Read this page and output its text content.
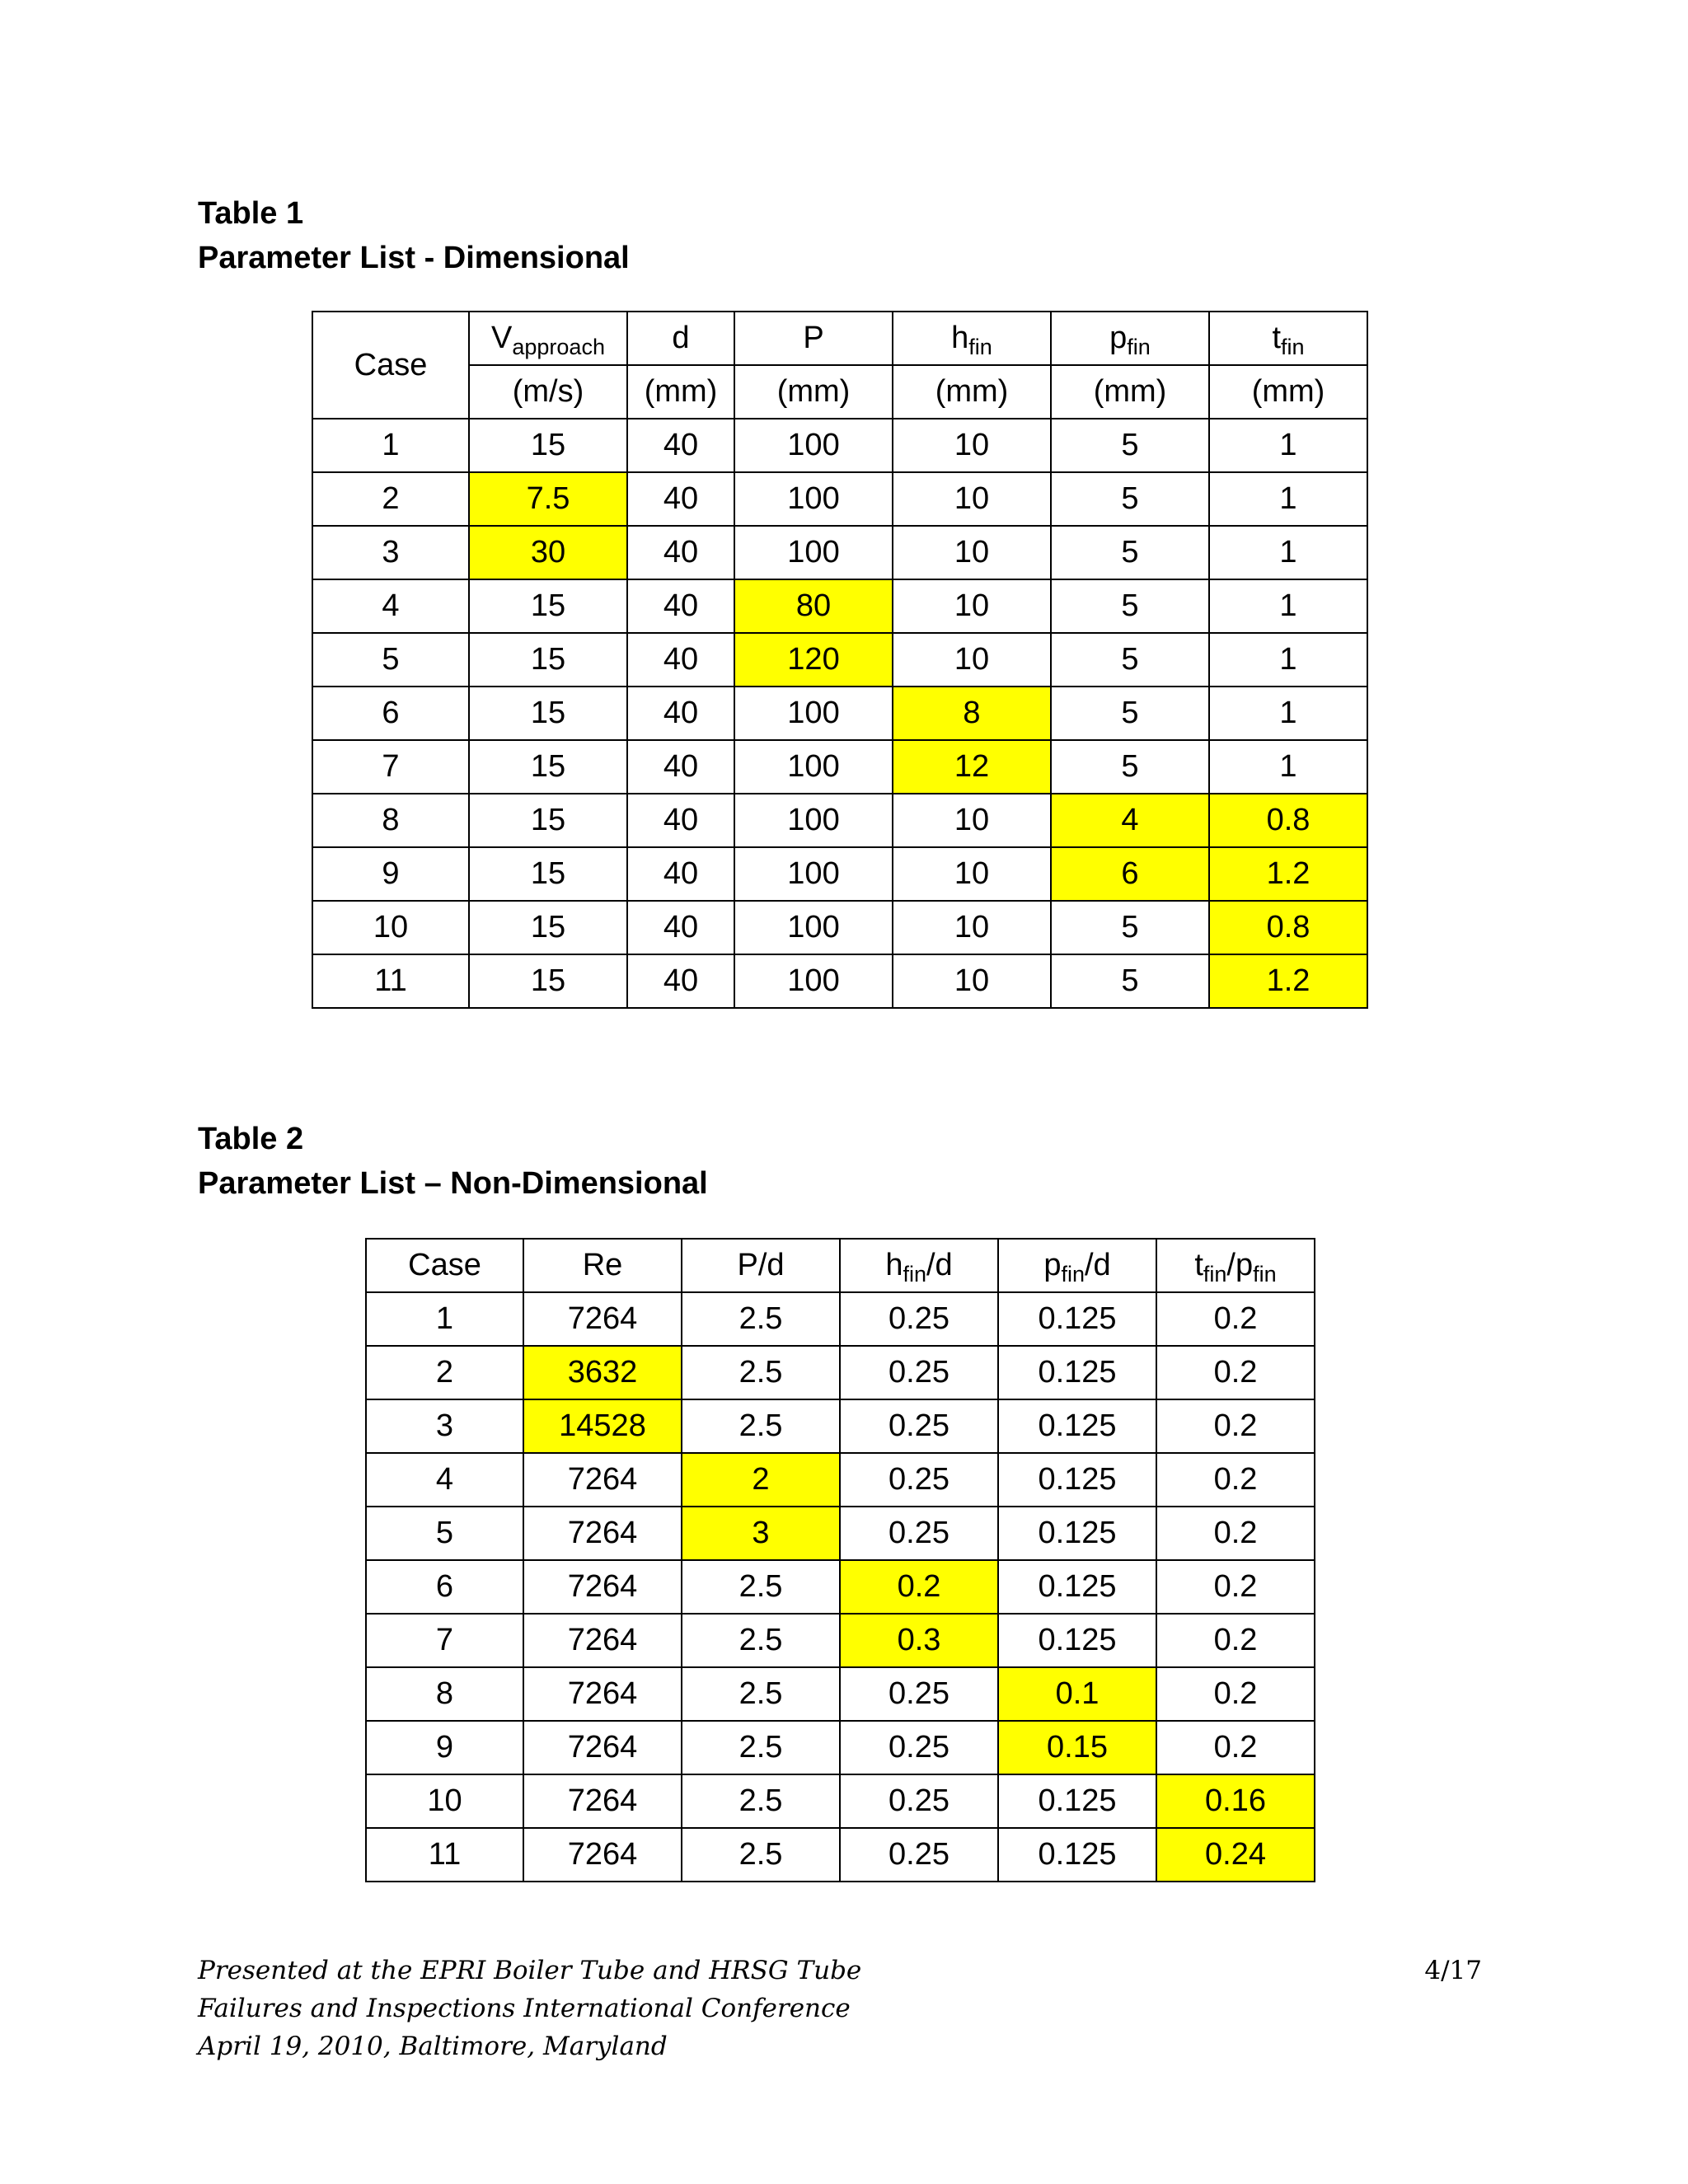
Table 1
Parameter List - Dimensional
Case	$V_{approach}$	d	P	$h_{fin}$	$p_{fin}$	$t_{fin}$
	(m/s)	(mm)	(mm)	(mm)	(mm)	(mm)
1	15	40	100	10	5	1
2	7.5	40	100	10	5	1
3	30	40	100	10	5	1
4	15	40	80	10	5	1
5	15	40	120	10	5	1
6	15	40	100	8	5	1
7	15	40	100	12	5	1
8	15	40	100	10	4	0.8
9	15	40	100	10	6	1.2
10	15	40	100	10	5	0.8
11	15	40	100	10	5	1.2
Table 2
Parameter List – Non-Dimensional
Case	Re	P/d	$h_{fin}/d$	$p_{fin}/d$	$t_{fin}/p_{fin}$
1	7264	2.5	0.25	0.125	0.2
2	3632	2.5	0.25	0.125	0.2
3	14528	2.5	0.25	0.125	0.2
4	7264	2	0.25	0.125	0.2
5	7264	3	0.25	0.125	0.2
6	7264	2.5	0.2	0.125	0.2
7	7264	2.5	0.3	0.125	0.2
8	7264	2.5	0.25	0.1	0.2
9	7264	2.5	0.25	0.15	0.2
10	7264	2.5	0.25	0.125	0.16
11	7264	2.5	0.25	0.125	0.24
Presented at the EPRI Boiler Tube and HRSG Tube
Failures and Inspections International Conference
April 19, 2010, Baltimore, Maryland
4/17
